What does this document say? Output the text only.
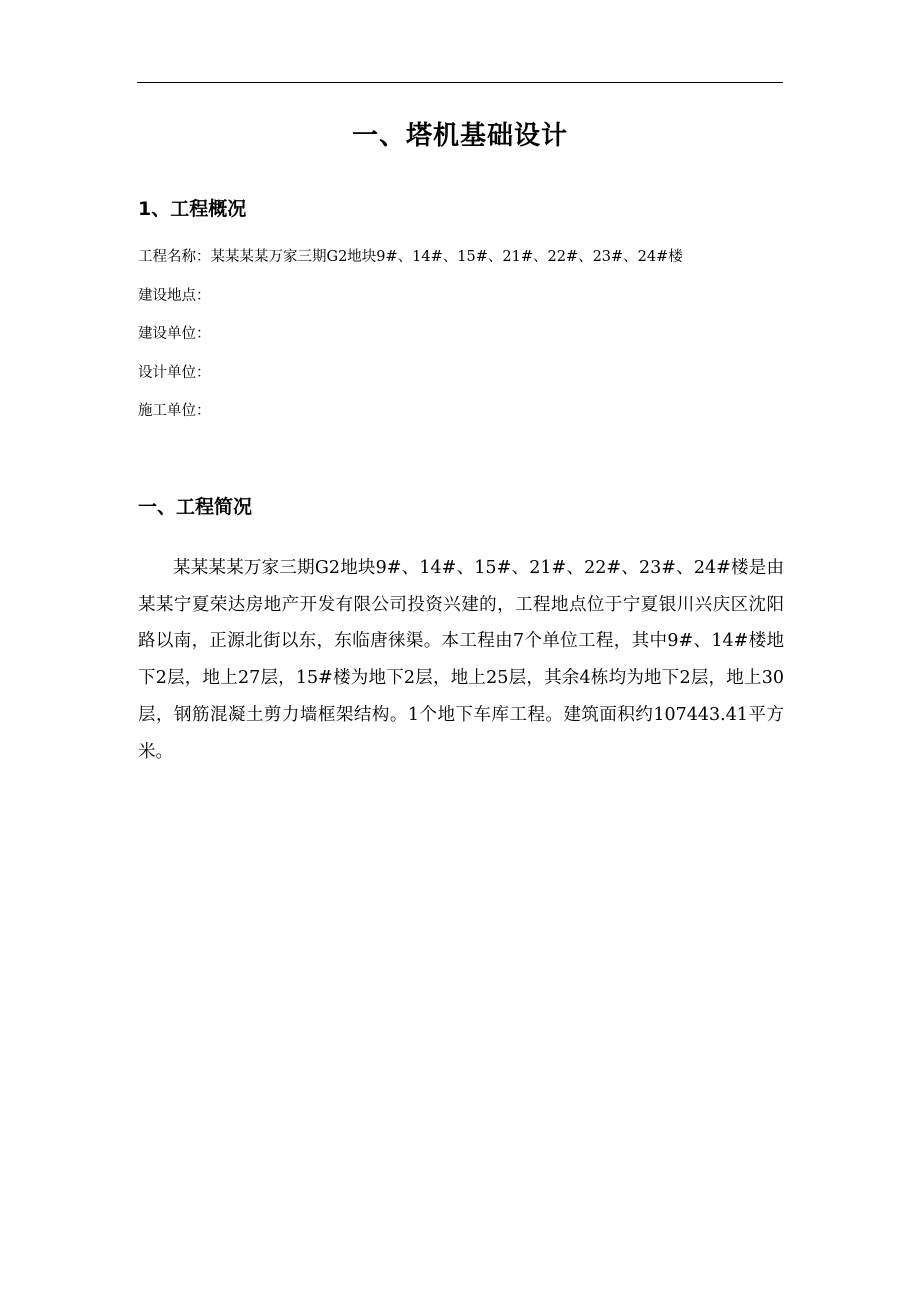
一、塔机基础设计
1、工程概况
工程名称：某某某某万家三期G2地块9#、14#、15#、21#、22#、23#、24#楼
建设地点：
建设单位：
设计单位：
施工单位：
一、工程简况

某某某某万家三期G2地块9#、14#、15#、21#、22#、23#、24#楼是由某某宁夏荣达房地产开发有限公司投资兴建的，工程地点位于宁夏银川兴庆区沈阳路以南，正源北街以东，东临唐徕渠。本工程由7个单位工程，其中9#、14#楼地下2层，地上27层，15#楼为地下2层，地上25层，其余4栋均为地下2层，地上30层，钢筋混凝土剪力墙框架结构。1个地下车库工程。建筑面积约107443.41平方米。
